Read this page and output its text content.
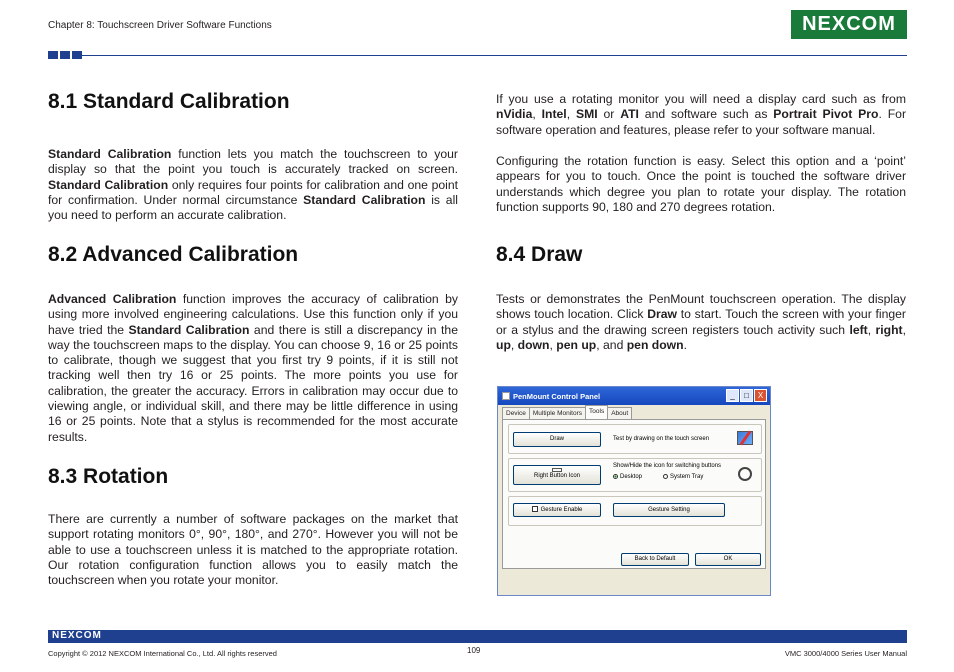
Chapter 8: Touchscreen Driver Software Functions	NEXCOM
8.1 Standard Calibration
Standard Calibration function lets you match the touchscreen to your display so that the point you touch is accurately tracked on screen. Standard Calibration only requires four points for calibration and one point for confirmation. Under normal circumstance Standard Calibration is all you need to perform an accurate calibration.
8.2 Advanced Calibration
Advanced Calibration function improves the accuracy of calibration by using more involved engineering calculations. Use this function only if you have tried the Standard Calibration and there is still a discrepancy in the way the touchscreen maps to the display. You can choose 9, 16 or 25 points to calibrate, though we suggest that you first try 9 points, if it is still not tracking well then try 16 or 25 points. The more points you use for calibration, the greater the accuracy. Errors in calibration may occur due to viewing angle, or individual skill, and there may be little difference in using 16 or 25 points. Note that a stylus is recommended for the most accurate results.
8.3 Rotation
There are currently a number of software packages on the market that support rotating monitors 0°, 90°, 180°, and 270°. However you will not be able to use a touchscreen unless it is matched to the appropriate rotation. Our rotation configuration function allows you to easily match the touchscreen when you rotate your monitor.
If you use a rotating monitor you will need a display card such as from nVidia, Intel, SMI or ATI and software such as Portrait Pivot Pro. For software operation and features, please refer to your software manual.
Configuring the rotation function is easy. Select this option and a ‘point’ appears for you to touch. Once the point is touched the software driver understands which degree you plan to rotate your display. The rotation function supports 90, 180 and 270 degrees rotation.
8.4 Draw
Tests or demonstrates the PenMount touchscreen operation. The display shows touch location. Click Draw to start. Touch the screen with your finger or a stylus and the drawing screen registers touch activity such left, right, up, down, pen up, and pen down.
PenMount Control Panel	_	□	X
Device	Multiple Monitors	Tools	About
Draw	Test by drawing on the touch screen
Right Button Icon
Show/Hide the icon for switching buttons
Desktop	System Tray
Gesture Enable	Gesture Setting
Back to Default	OK
NEXCOM
Copyright © 2012 NEXCOM International Co., Ltd. All rights reserved	109	VMC 3000/4000 Series User Manual
